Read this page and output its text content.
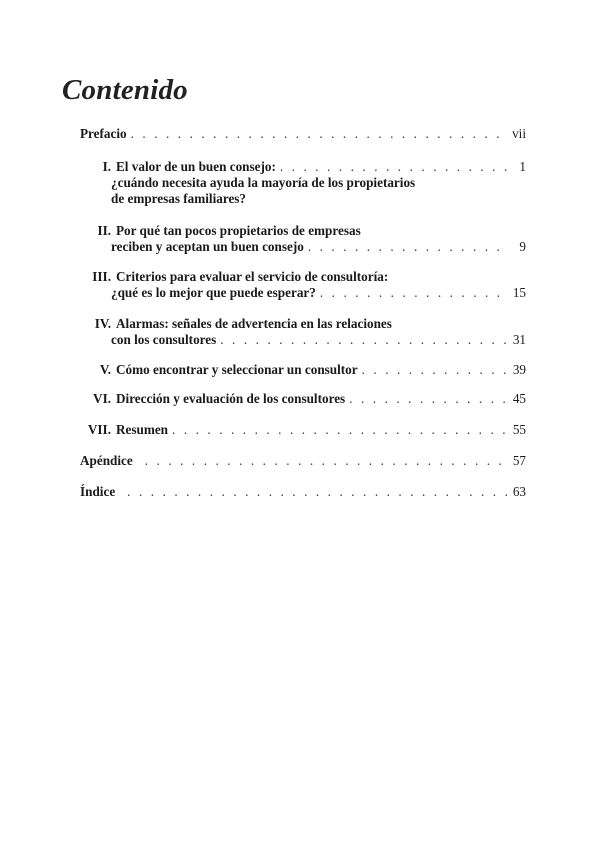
Contenido
Prefacio . . .	vii
I. El valor de un buen consejo: . . .	1
¿cuándo necesita ayuda la mayoría de los propietarios
de empresas familiares?
II. Por qué tan pocos propietarios de empresas
reciben y aceptan un buen consejo . . .	9
III. Criterios para evaluar el servicio de consultoría:
¿qué es lo mejor que puede esperar? . . .	15
IV. Alarmas: señales de advertencia en las relaciones
con los consultores . . .	31
V. Cómo encontrar y seleccionar un consultor . . .	39
VI. Dirección y evaluación de los consultores . . .	45
VII. Resumen . . .	55
Apéndice . . .	57
Índice . . .	63
